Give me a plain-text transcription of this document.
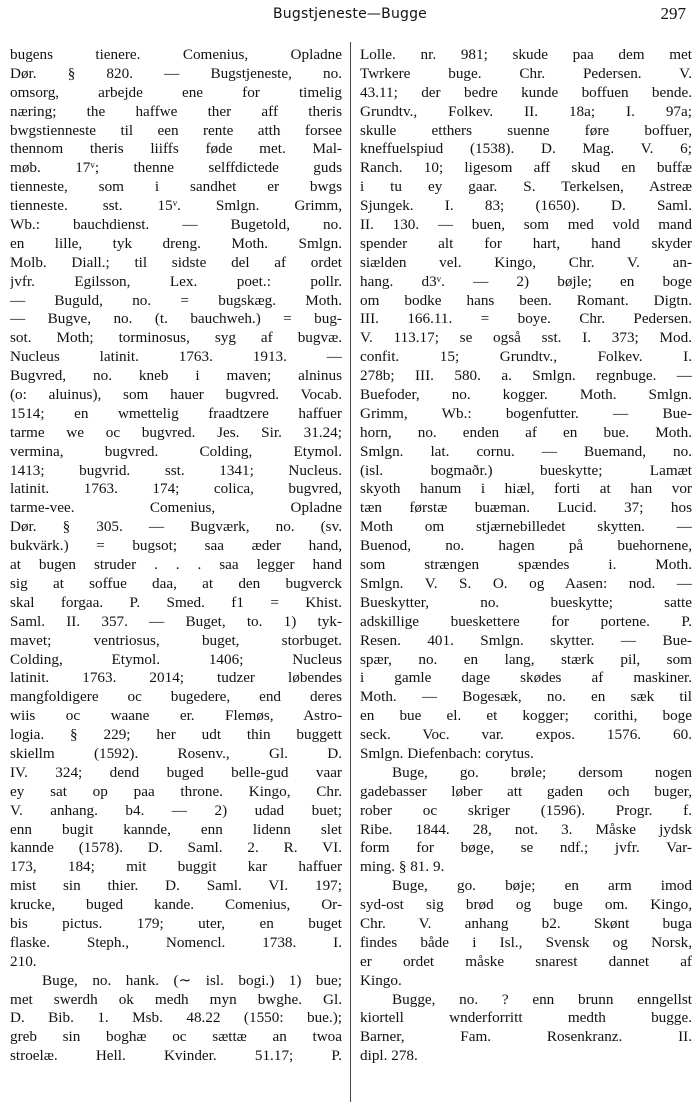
Bugstjeneste—Bugge	297
bugens tienere. Comenius, Opladne
Dør. § 820. — Bugstjeneste, no.
omsorg, arbejde ene for timelig
næring; the haffwe ther aff theris
bwgstienneste til een rente atth forsee
thennom theris liiffs føde met. Mal-
møb. 17ᵛ; thenne selffdictede guds
tienneste, som i sandhet er bwgs
tienneste. sst. 15ᵛ. Smlgn. Grimm,
Wb.: bauchdienst. — Bugetold, no.
en lille, tyk dreng. Moth. Smlgn.
Molb. Diall.; til sidste del af ordet
jvfr. Egilsson, Lex. poet.: pollr.
— Buguld, no. = bugskæg. Moth.
— Bugve, no. (t. bauchweh.) = bug-
sot. Moth; torminosus, syg af bugvæ.
Nucleus latinit. 1763. 1913. —
Bugvred, no. kneb i maven; alninus
(o: aluinus), som hauer bugvred. Vocab.
1514; en wmettelig fraadtzere haffuer
tarme we oc bugvred. Jes. Sir. 31.24;
vermina, bugvred. Colding, Etymol.
1413; bugvrid. sst. 1341; Nucleus.
latinit. 1763. 174; colica, bugvred,
tarme-vee. Comenius, Opladne
Dør. § 305. — Bugværk, no. (sv.
bukvärk.) = bugsot; saa æder hand,
at bugen struder . . . saa legger hand
sig at soffue daa, at den bugverck
skal forgaa. P. Smed. f1 = Khist.
Saml. II. 357. — Buget, to. 1) tyk-
mavet; ventriosus, buget, storbuget.
Colding, Etymol. 1406; Nucleus
latinit. 1763. 2014; tudzer løbendes
mangfoldigere oc bugedere, end deres
wiis oc waane er. Flemøs, Astro-
logia. § 229; her udt thin buggett
skiellm (1592). Rosenv., Gl. D.
IV. 324; dend buged belle-gud vaar
ey sat op paa throne. Kingo, Chr.
V. anhang. b4. — 2) udad buet;
enn bugit kannde, enn lidenn slet
kannde (1578). D. Saml. 2. R. VI.
173, 184; mit buggit kar haffuer
mist sin thier. D. Saml. VI. 197;
krucke, buged kande. Comenius, Or-
bis pictus. 179; uter, en buget
flaske. Steph., Nomencl. 1738. I.
210.
Buge, no. hank. (∼ isl. bogi.) 1) bue;
met swerdh ok medh myn bwghe. Gl.
D. Bib. 1. Msb. 48.22 (1550: bue.);
greb sin boghæ oc sættæ an twoa
stroelæ. Hell. Kvinder. 51.17; P.
Lolle. nr. 981; skude paa dem met
Twrkere buge. Chr. Pedersen. V.
43.11; der bedre kunde boffuen bende.
Grundtv., Folkev. II. 18a; I. 97a;
skulle etthers suenne føre boffuer,
kneffuelspiud (1538). D. Mag. V. 6;
Ranch. 10; ligesom aff skud en buffæ
i tu ey gaar. S. Terkelsen, Astreæ
Sjungek. I. 83; (1650). D. Saml.
II. 130. — buen, som med vold mand
spender alt for hart, hand skyder
siælden vel. Kingo, Chr. V. an-
hang. d3ᵛ. — 2) bøjle; en boge
om bodke hans been. Romant. Digtn.
III. 166.11. = boye. Chr. Pedersen.
V. 113.17; se også sst. I. 373; Mod.
confit. 15; Grundtv., Folkev. I.
278b; III. 580. a. Smlgn. regnbuge. —
Buefoder, no. kogger. Moth. Smlgn.
Grimm, Wb.: bogenfutter. — Bue-
horn, no. enden af en bue. Moth.
Smlgn. lat. cornu. — Buemand, no.
(isl. bogmaðr.) bueskytte; Lamæt
skyoth hanum i hiæl, forti at han vor
tæn førstæ buæman. Lucid. 37; hos
Moth om stjærnebilledet skytten. —
Buenod, no. hagen på buehornene,
som strængen spændes i. Moth.
Smlgn. V. S. O. og Aasen: nod. —
Bueskytter, no. bueskytte; satte
adskillige bueskettere for portene. P.
Resen. 401. Smlgn. skytter. — Bue-
spær, no. en lang, stærk pil, som
i gamle dage skødes af maskiner.
Moth. — Bogesæk, no. en sæk til
en bue el. et kogger; corithi, boge
seck. Voc. var. expos. 1576. 60.
Smlgn. Diefenbach: corytus.
Buge, go. brøle; dersom nogen
gadebasser løber att gaden och buger,
rober oc skriger (1596). Progr. f.
Ribe. 1844. 28, not. 3. Måske jydsk
form for bøge, se ndf.; jvfr. Var-
ming. § 81. 9.
Buge, go. bøje; en arm imod
syd-ost sig brød og buge om. Kingo,
Chr. V. anhang b2. Skønt buga
findes både i Isl., Svensk og Norsk,
er ordet måske snarest dannet af
Kingo.
Bugge, no. ? enn brunn enngellst
kiortell wnderforritt medth bugge.
Barner, Fam. Rosenkranz. II.
dipl. 278.
